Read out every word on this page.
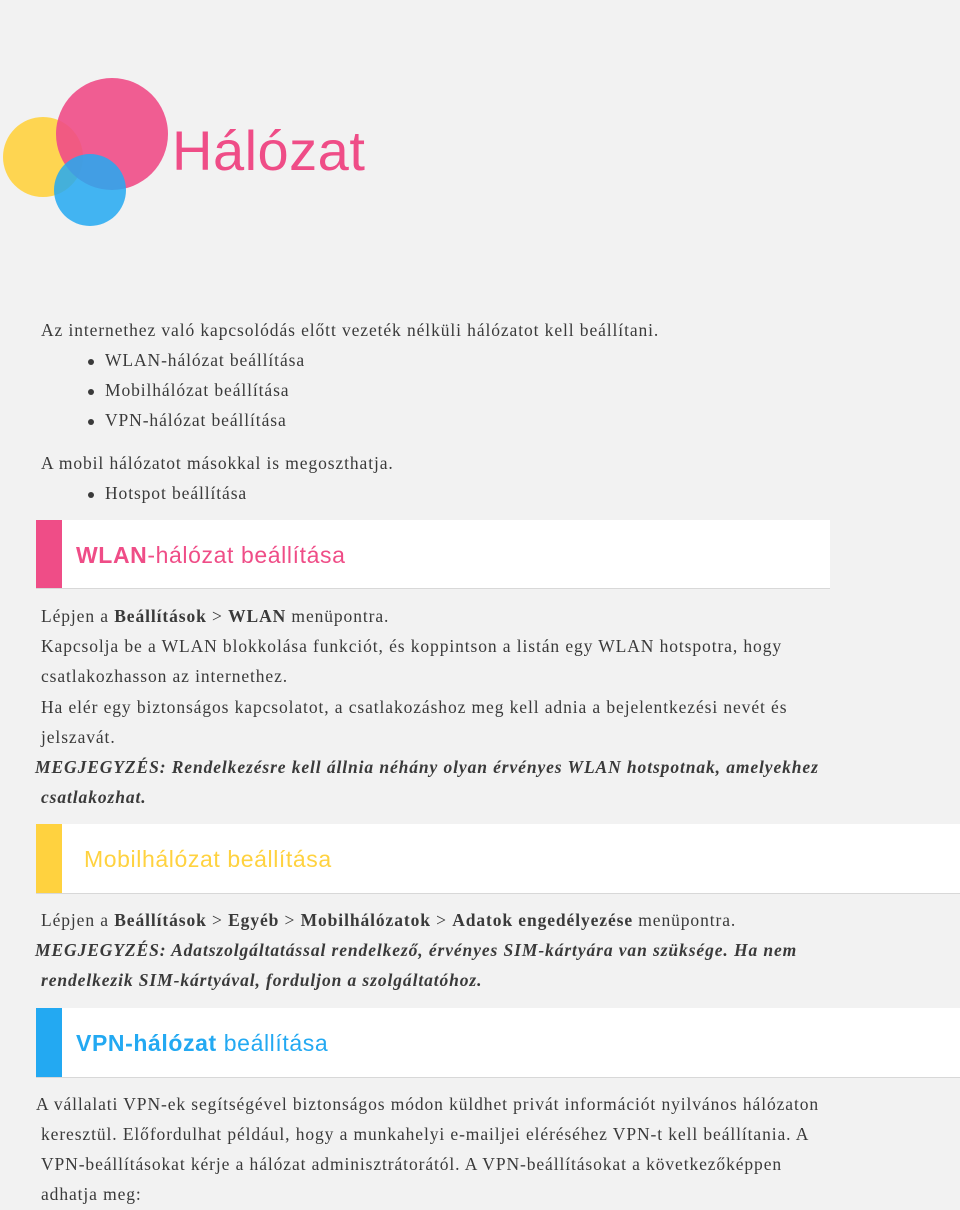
Hálózat

Az internethez való kapcsolódás előtt vezeték nélküli hálózatot kell beállítani.

WLAN-hálózat beállítása
Mobilhálózat beállítása
VPN-hálózat beállítása

A mobil hálózatot másokkal is megoszthatja.

Hotspot beállítása
WLAN-hálózat beállítása

Lépjen a Beállítások > WLAN menüpontra.

Kapcsolja be a WLAN blokkolása funkciót, és koppintson a listán egy WLAN hotspotra, hogy

csatlakozhasson az internethez.

Ha elér egy biztonságos kapcsolatot, a csatlakozáshoz meg kell adnia a bejelentkezési nevét és

jelszavát.

MEGJEGYZÉS: Rendelkezésre kell állnia néhány olyan érvényes WLAN hotspotnak, amelyekhez

csatlakozhat.

Mobilhálózat beállítása

Lépjen a Beállítások > Egyéb > Mobilhálózatok > Adatok engedélyezése menüpontra.

MEGJEGYZÉS: Adatszolgáltatással rendelkező, érvényes SIM-kártyára van szüksége. Ha nem

rendelkezik SIM-kártyával, forduljon a szolgáltatóhoz.

VPN-hálózat beállítása

A vállalati VPN-ek segítségével biztonságos módon küldhet privát információt nyilvános hálózaton

keresztül. Előfordulhat például, hogy a munkahelyi e-mailjei eléréséhez VPN-t kell beállítania. A

VPN-beállításokat kérje a hálózat adminisztrátorától. A VPN-beállításokat a következőképpen

adhatja meg:
